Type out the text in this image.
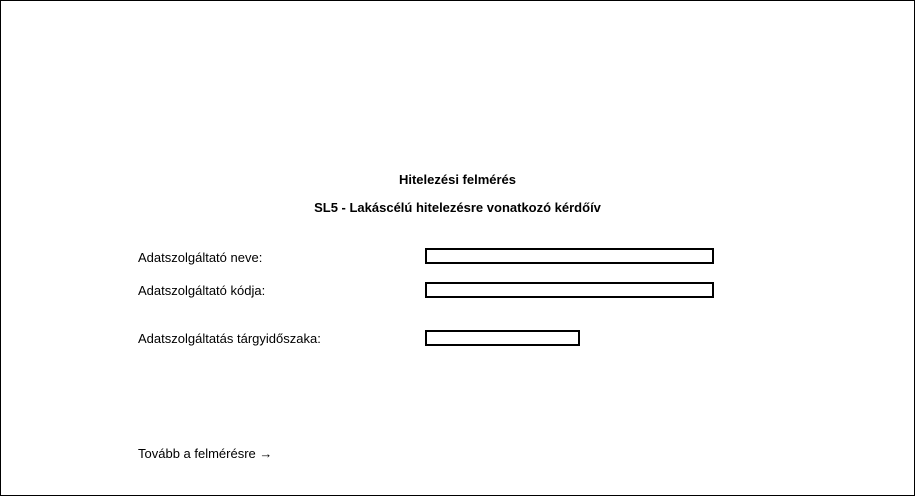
Hitelezési felmérés
SL5 - Lakáscélú hitelezésre vonatkozó kérdőív
Adatszolgáltató neve:
Adatszolgáltató kódja:
Adatszolgáltatás tárgyidőszaka:
Tovább a felmérésre →
